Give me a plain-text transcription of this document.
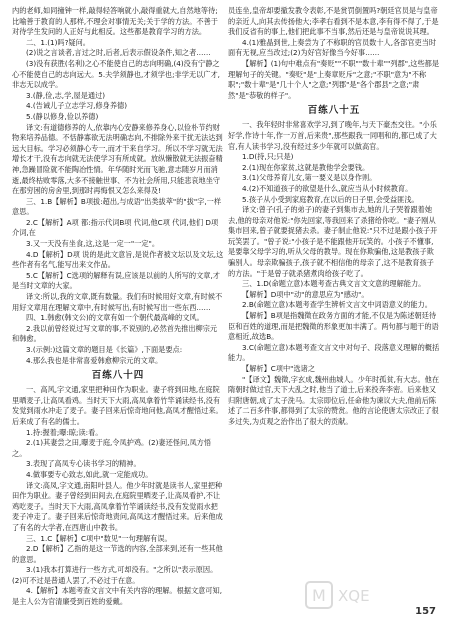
内的老师,如同撞钟一样,敲得轻答响就小,敲得重就大,自然地等待;比喻善于教育的人那样,不理会对事情无关;关于学的方法。不善于对待学生发问的人正好与此相反。这些都是教育学习的方法。

二、1.(1)吗?疑问。

(2)说之言谈者,言过之时,后者,后表示假设条件,知之者……

(3)没有获胜(名利)之心不能使自己的志向明确,(4)没有宁静之心不能使自己的志向远大。5.夫学须静也,才须学也;非学无以广才,非志无以成学。

3.(静,俭,志,学,屋是通过)

4.(告诫儿子立志学习,修身养德)

5.(静以修身,俭以养德)

译文:有道德修养的人,依靠内心安静来修养身心,以俭朴节约财物来培养品德。不恬静寡欲无法明确志向,不排除外来干扰无法达到远大目标。学习必须静心专一,而才干来自学习。所以不学习就无法增长才干,没有志向就无法使学习有所成就。放纵懒散就无法振奋精神,急躁冒险就不能陶冶性情。年华随时光而飞驰,意志随岁月而消逝,最终枯败零落,大多不接触世事、不为社会所用,只能悲哀地坐守在那穷困的房舍里,到那时再悔恨又怎么来得及!

三、1.B【解析】B项拔:超出,与成语"出类拔萃"的"拔"字,一样意思。

2.C【解析】A项 都:指示代词B项 代词,他C项 代词,他们 D项 介词,在

3.又一天没有坐食,这,这是一定一"一定"。

4.D【解析】D项 说的是此文意旨,是说作者被文坛以及文坛,这些作者有名气,能写出来文作品。

5.C【解析】C选项的解释有误,应该是以前的人所写的文章,才是当时文章的大家。

译文:所以,我的文章,既有数量。我们有时候用好文章,有时候不用好文章用在理解文章中,有时候写出,有时候写出一些东西……

四、1.韩愈(韩文公)的文章有如一个朝代最高峰的文风。

2.我以前曾经说过写文章的事,不说别的,必然首先推出柳宗元和韩愈。

3.(示例:)这篇文章的题目是《长篇》,下面是要点:

4.那么我也是非常喜爱韩愈柳宗元的文章。

百练八十四

一、高风,字文通,家里把种田作为职业。妻子将到田地,在庭院里晒麦子,让高凤看鸡。当时天下大雨,高凤拿着竹竿诵读经书,没有发觉到雨水冲走了麦子。妻子回来后惊奇地问他,高凤才醒悟过来。后来成了有名的儒士。

1.持:握着;曝:晾;读:看。

2.(1)其妻尝之田,曝麦于庭,令凤护鸡。(2)妻还怪问,凤方悟之。

3.表现了高凤专心读书学习的精神。

4.做事要专心致志,如此,就一定能成功。

译文:高凤,字文通,南阳叶县人。他少年时就是读书人,家里把种田作为职业。妻子曾经到田间去,在庭院里晒麦子,让高凤看护,不让鸡吃麦子。当时天下大雨,高凤拿着竹竿诵读经书,没有发觉雨水把麦子冲走了。妻子回来后惊奇地责问,高凤这才醒悟过来。后来他成了有名的大学者,在西唐山中教书。

三、1.C【解析】C项中"数见"一句理解有误。

2.D【解析】乙指的是这一节选的内容,全部来到,还有一些其他的意思。

3.(1)我本打算进行一些方式,可却没有。"之所以"表示原因。(2)可不过是普通人罢了,不必过于在意。

4.【解析】本题考查文言文中有关内容的理解。根据文意可知,是主人公为官清廉受到百姓的爱戴。

员连坐,皇帝却要撤发教令表彰,不是赏罚倒置吗?朝廷官员是与皇帝的亲近人,向其去传扬他大;李孝右看到不是本意,李有得不得了,于是我们反省有的事上,他们把此事不当事,然后还是与皇帝说说其理。

4.(1)雅晶到世,上奏尝为了不称职的官员数十人,各部官吏当时面有无视,应当改过;(2)为好官好像当今好事……

【解析】(1)句中难点有"奏贬""不职""数十辈""列郡",这些都是理解句子的关键。"奏贬"是"上奏章贬斥"之意;"不职"意为"不称职";"数十辈"是"几十个人"之意;"列郡"是"各个郡县"之意;"肃然"是"恭敬的样子"。

百练八十五

一、我年轻时非常喜欢学习,到了晚年,与天下豪杰交往。"小乐好学,作诗十年,作一万首,后来贵",那些跟我一同唱和的,都已成了大官,有人读书学习,没有经过多少年就可以做高官。

1.D(持,只;只是)

2.(1)现在你家贫,这就是教他学会要钱。

3.(1)父母养育儿女,第一要义是以身作则。

4.(2)不知道孩子的欲望是什么,就应当从小时候教育。

5.孩子从小受到家庭教育,在以后的日子里,会受益匪浅。

译文:曾子(孔子的弟子)的妻子到集市去,她的儿子哭着跟着她去,他的母亲对他说:"你先回家,等我回来了杀猪给你吃。"妻子刚从集市回来,曾子就要捉猪去杀。妻子制止他说:"只不过是跟小孩子开玩笑罢了。"曾子说:"小孩子是不能跟他开玩笑的。小孩子不懂事,是要靠父母学习的,听从父母的教导。现在你欺骗他,这是教孩子欺骗别人。母亲欺骗孩子,孩子就不相信他的母亲了,这不是教育孩子的方法。"于是曾子就杀猪煮肉给孩子吃了。

三、1.D(命题立意)本题考查古典文言文文意的理解能力。

【解析】D项中"动"的意思应为"感动"。

2.B(命题立意)本题考查学生辨析文言文中词语意义的能力。

【解析】B项是指魏徵在政务方面的才能,不仅是为陈述朝廷待臣和百姓的道理,而是把魏徵的形象更加丰满了。两句都与题干的语意相近,故选B。

3.C(命题立意)本题考查文言文中对句子、段落意义理解的概括能力。

【解析】C项中"选诸之

"【译文】魏徵,字玄成,魏州曲城人。少年时孤贫,有大志。他在隋朝时做过官,天下大乱之时,他当了道士,后来投奔李密。后来他又归附唐朝,成了太子洗马。太宗即位后,任命他为谏议大夫,他前后陈述了二百多件事,都得到了太宗的赞赏。他的言论使唐太宗改正了很多过失,为贞观之治作出了很大的贡献。

M XQE
157
